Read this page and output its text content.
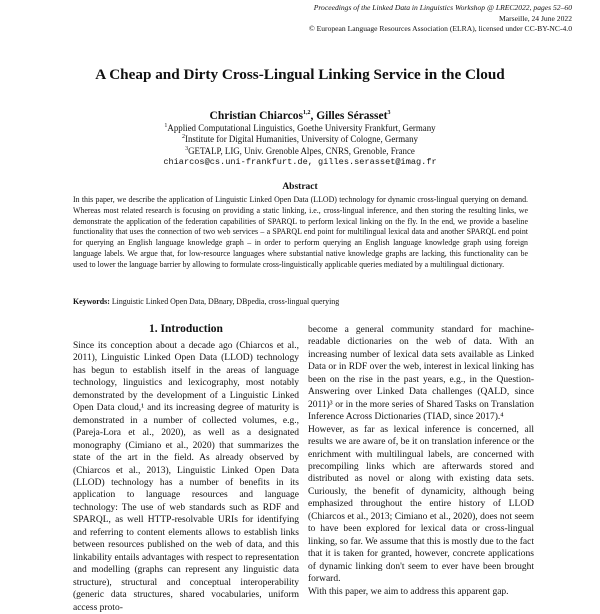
Proceedings of the Linked Data in Linguistics Workshop @ LREC2022, pages 52–60
Marseille, 24 June 2022
© European Language Resources Association (ELRA), licensed under CC-BY-NC-4.0
A Cheap and Dirty Cross-Lingual Linking Service in the Cloud
Christian Chiarcos$^{1,2}$, Gilles Sérasset$^3$
$^1$Applied Computational Linguistics, Goethe University Frankfurt, Germany
$^2$Institute for Digital Humanities, University of Cologne, Germany
$^3$GETALP, LIG, Univ. Grenoble Alpes, CNRS, Grenoble, France
chiarcos@cs.uni-frankfurt.de, gilles.serasset@imag.fr
Abstract
In this paper, we describe the application of Linguistic Linked Open Data (LLOD) technology for dynamic cross-lingual querying on demand. Whereas most related research is focusing on providing a static linking, i.e., cross-lingual inference, and then storing the resulting links, we demonstrate the application of the federation capabilities of SPARQL to perform lexical linking on the fly. In the end, we provide a baseline functionality that uses the connection of two web services – a SPARQL end point for multilingual lexical data and another SPARQL end point for querying an English language knowledge graph – in order to perform querying an English language knowledge graph using foreign language labels. We argue that, for low-resource languages where substantial native knowledge graphs are lacking, this functionality can be used to lower the language barrier by allowing to formulate cross-linguistically applicable queries mediated by a multilingual dictionary.
Keywords: Linguistic Linked Open Data, DBnary, DBpedia, cross-lingual querying
1. Introduction

Since its conception about a decade ago (Chiarcos et al., 2011), Linguistic Linked Open Data (LLOD) technology has begun to establish itself in the areas of language technology, linguistics and lexicography, most notably demonstrated by the development of a Linguistic Linked Open Data cloud,¹ and its increasing degree of maturity is demonstrated in a number of collected volumes, e.g., (Pareja-Lora et al., 2020), as well as a designated monography (Cimiano et al., 2020) that summarizes the state of the art in the field. As already observed by (Chiarcos et al., 2013), Linguistic Linked Open Data (LLOD) technology has a number of benefits in its application to language resources and language technology: The use of web standards such as RDF and SPARQL, as well HTTP-resolvable URIs for identifying and referring to content elements allows to establish links between resources published on the web of data, and this linkability entails advantages with respect to representation and modelling (graphs can represent any linguistic data structure), structural and conceptual interoperability (generic data structures, shared vocabularies, uniform access proto-

become a general community standard for machine-readable dictionaries on the web of data. With an increasing number of lexical data sets available as Linked Data or in RDF over the web, interest in lexical linking has been on the rise in the past years, e.g., in the Question-Answering over Linked Data challenges (QALD, since 2011)³ or in the more series of Shared Tasks on Translation Inference Across Dictionaries (TIAD, since 2017).⁴

However, as far as lexical inference is concerned, all results we are aware of, be it on translation inference or the enrichment with multilingual labels, are concerned with precompiling links which are afterwards stored and distributed as novel or along with existing data sets. Curiously, the benefit of dynamicity, although being emphasized throughout the entire history of LLOD (Chiarcos et al., 2013; Cimiano et al., 2020), does not seem to have been explored for lexical data or cross-lingual linking, so far. We assume that this is mostly due to the fact that it is taken for granted, however, concrete applications of dynamic linking don't seem to ever have been brought forward.

With this paper, we aim to address this apparent gap.
